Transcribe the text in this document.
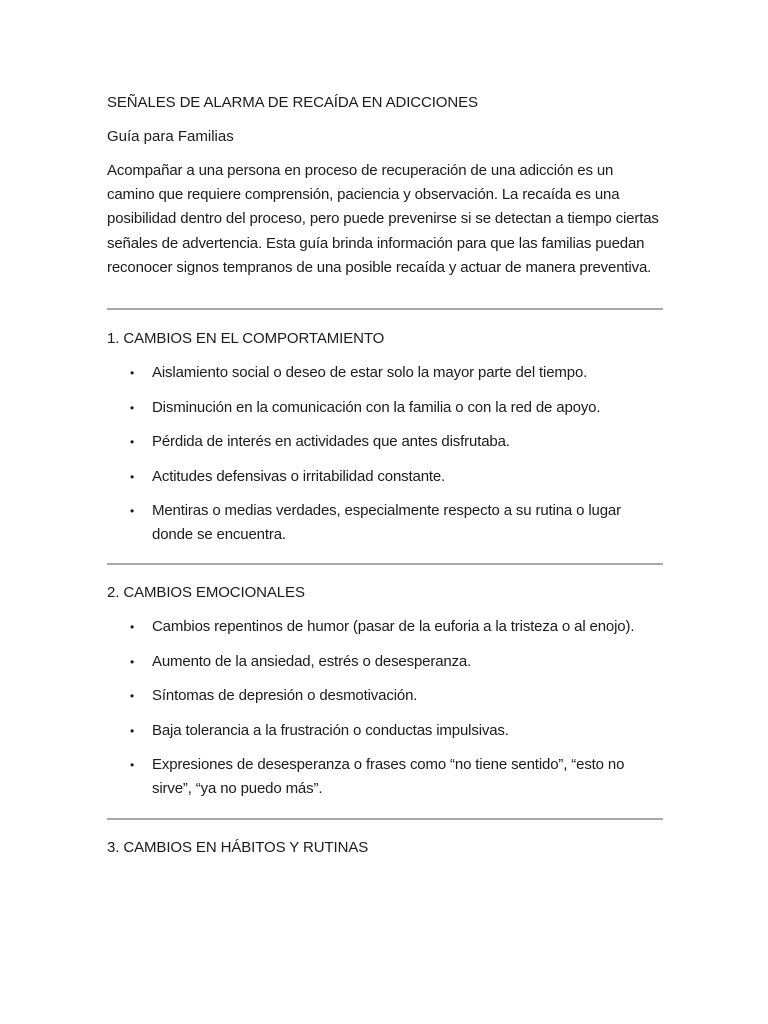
SEÑALES DE ALARMA DE RECAÍDA EN ADICCIONES
Guía para Familias

Acompañar a una persona en proceso de recuperación de una adicción es un camino que requiere comprensión, paciencia y observación. La recaída es una posibilidad dentro del proceso, pero puede prevenirse si se detectan a tiempo ciertas señales de advertencia. Esta guía brinda información para que las familias puedan reconocer signos tempranos de una posible recaída y actuar de manera preventiva.

1. CAMBIOS EN EL COMPORTAMIENTO
• Aislamiento social o deseo de estar solo la mayor parte del tiempo.
• Disminución en la comunicación con la familia o con la red de apoyo.
• Pérdida de interés en actividades que antes disfrutaba.
• Actitudes defensivas o irritabilidad constante.
• Mentiras o medias verdades, especialmente respecto a su rutina o lugar donde se encuentra.
2. CAMBIOS EMOCIONALES
• Cambios repentinos de humor (pasar de la euforia a la tristeza o al enojo).
• Aumento de la ansiedad, estrés o desesperanza.
• Síntomas de depresión o desmotivación.
• Baja tolerancia a la frustración o conductas impulsivas.
• Expresiones de desesperanza o frases como “no tiene sentido”, “esto no sirve”, “ya no puedo más”.
3. CAMBIOS EN HÁBITOS Y RUTINAS
